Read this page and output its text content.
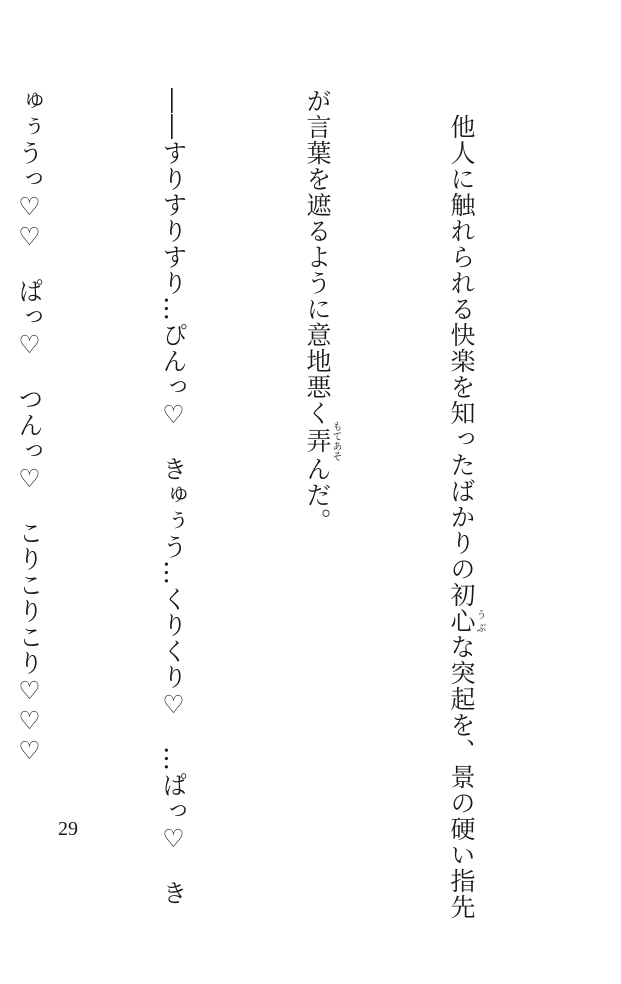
他人に触れられる快楽を知ったばかりの初心うぶな突起を、景の硬い指先

が言葉を遮るように意地悪く弄もてあそんだ。

――すりすりすり…ぴんっ♡　きゅぅう…くりくり♡　…ぱっ♡　き

ゅぅうっ♡♡　ぱっ♡　つんっ♡　こりこりこり♡♡♡

29
